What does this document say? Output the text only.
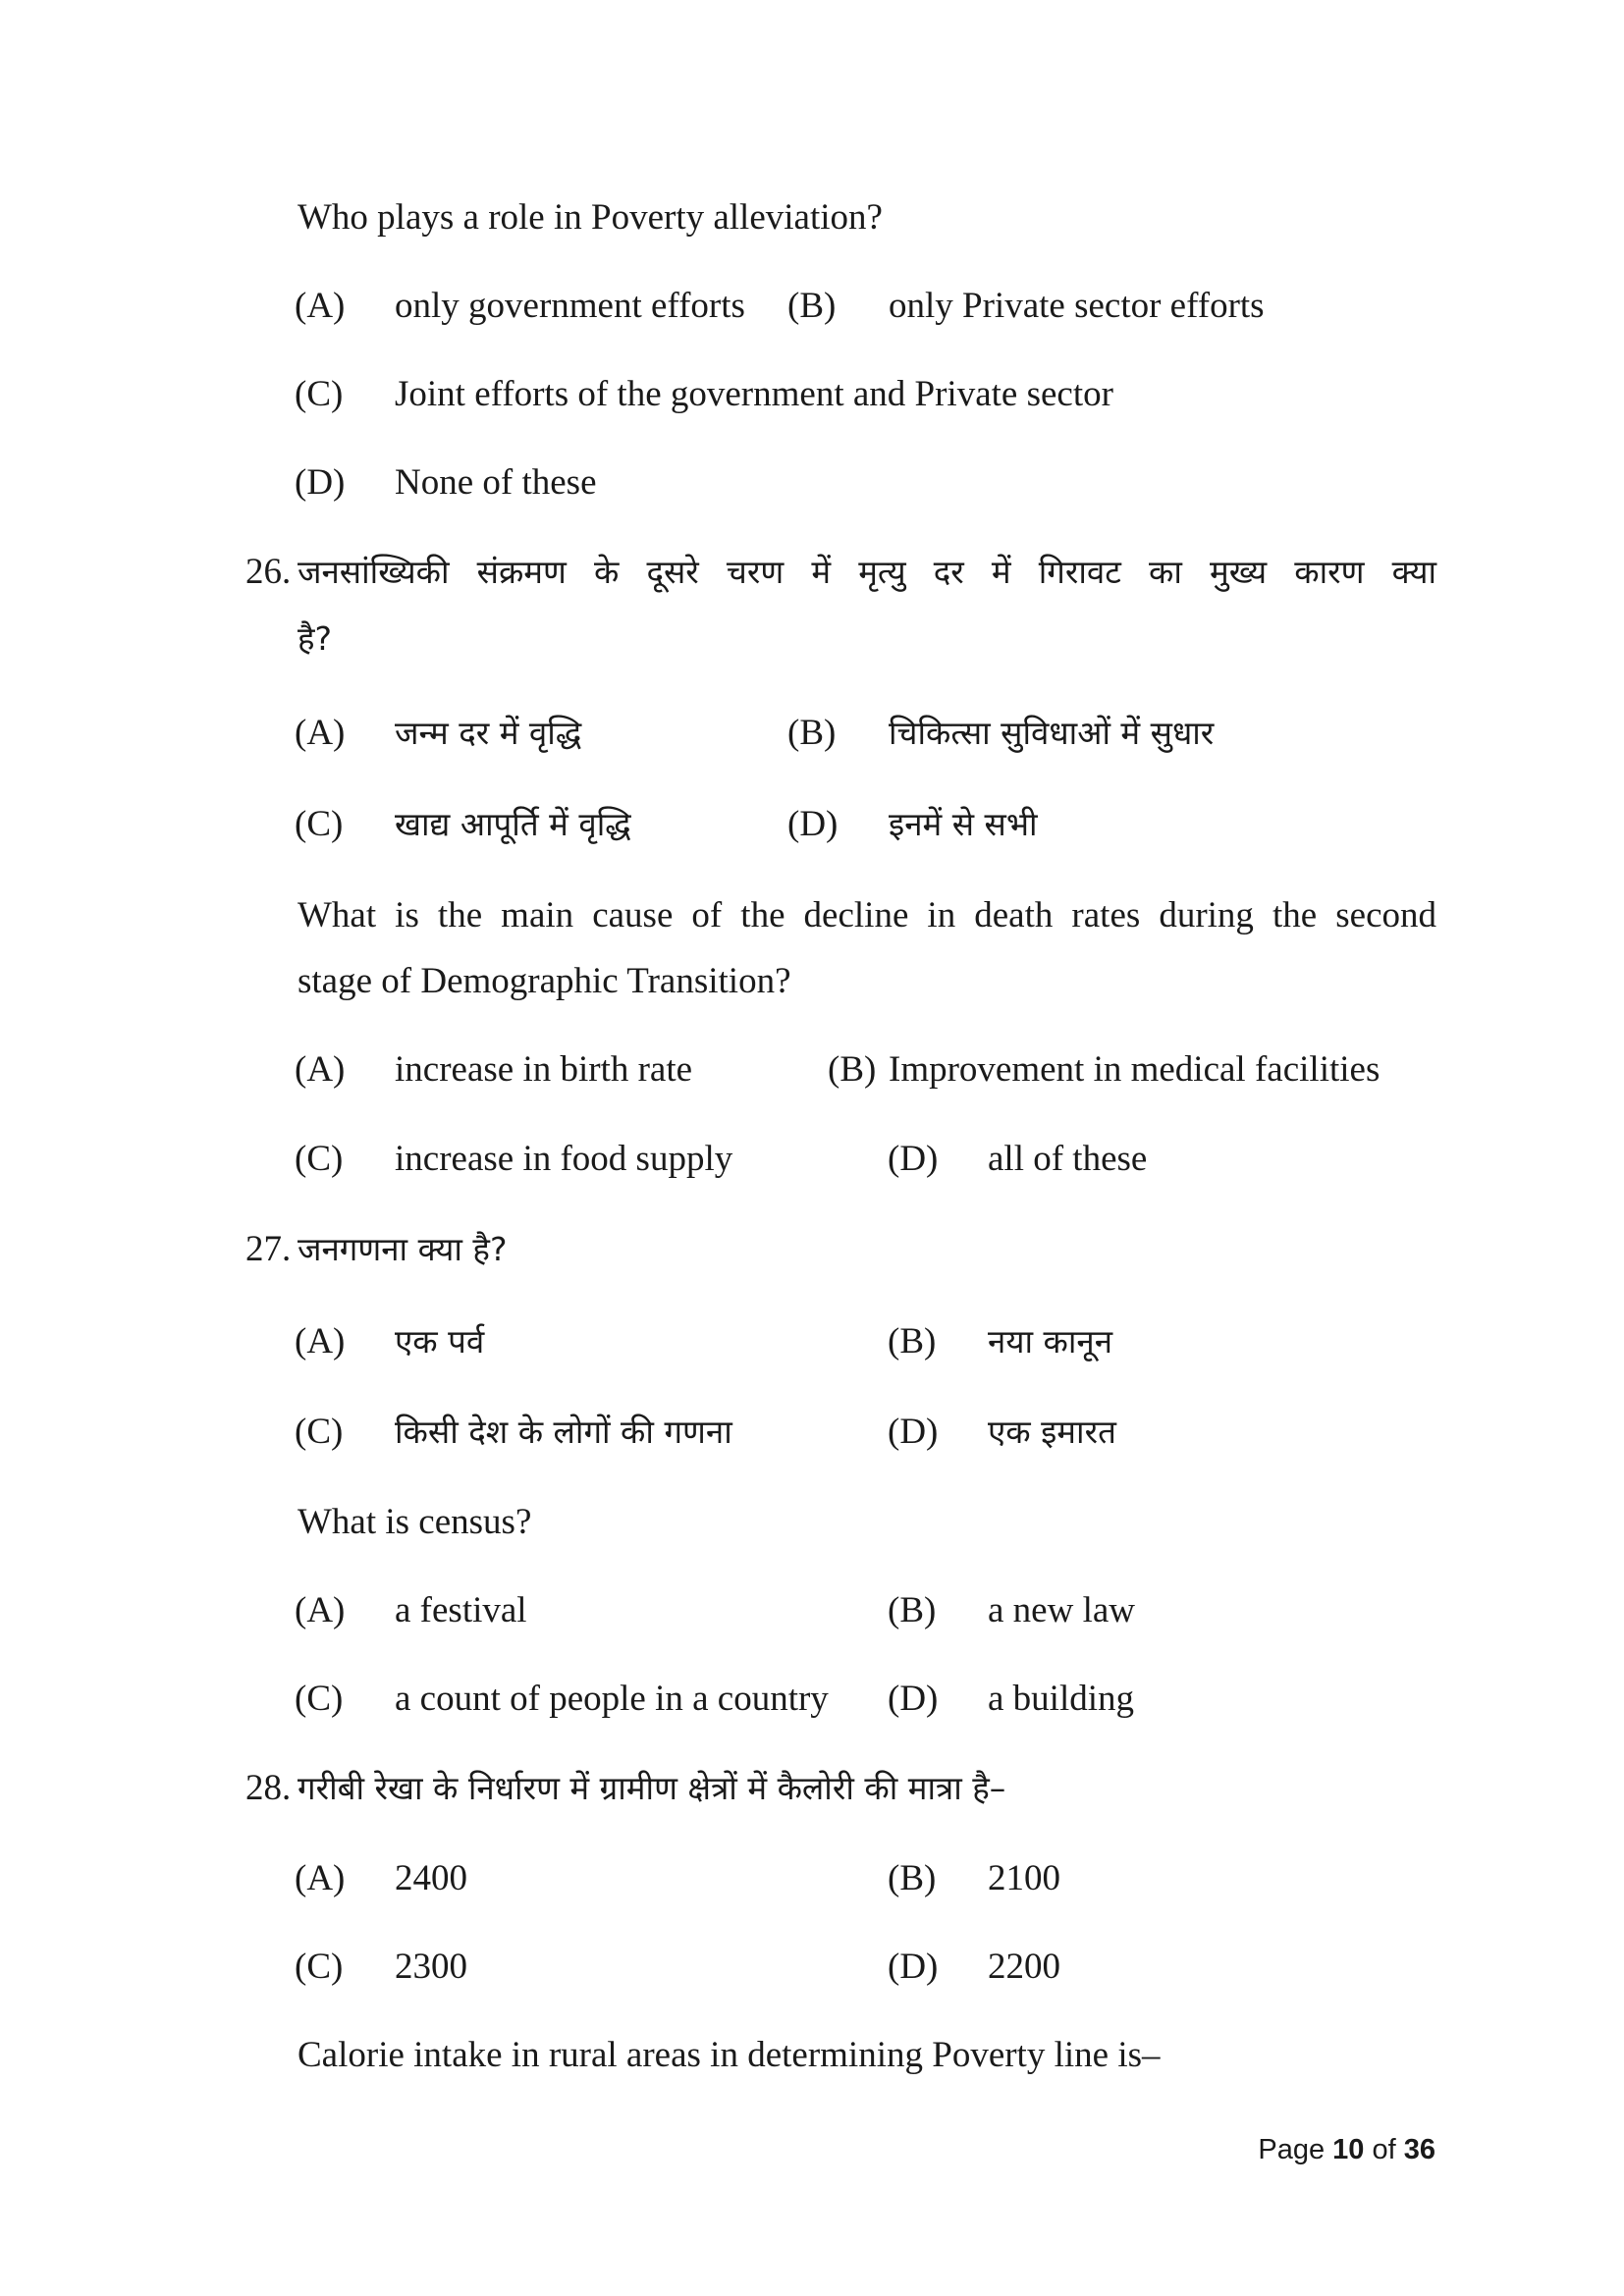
Who plays a role in Poverty alleviation?
(A) only government efforts (B) only Private sector efforts
(C) Joint efforts of the government and Private sector
(D) None of these
26. जनसांख्यिकी संक्रमण के दूसरे चरण में मृत्यु दर में गिरावट का मुख्य कारण क्या
है?
(A) जन्म दर में वृद्धि	(B) चिकित्सा सुविधाओं में सुधार
(C) खाद्य आपूर्ति में वृद्धि	(D) इनमें से सभी
What is the main cause of the decline in death rates during the second
stage of Demographic Transition?
(A) increase in birth rate	(B) Improvement in medical facilities
(C) increase in food supply	(D) all of these
27. जनगणना क्या है?
(A) एक पर्व	(B) नया कानून
(C) किसी देश के लोगों की गणना	(D) एक इमारत
What is census?
(A) a festival	(B) a new law
(C) a count of people in a country (D) a building
28. गरीबी रेखा के निर्धारण में ग्रामीण क्षेत्रों में कैलोरी की मात्रा है–
(A) 2400	(B) 2100
(C) 2300	(D) 2200
Calorie intake in rural areas in determining Poverty line is–
Page 10 of 36
